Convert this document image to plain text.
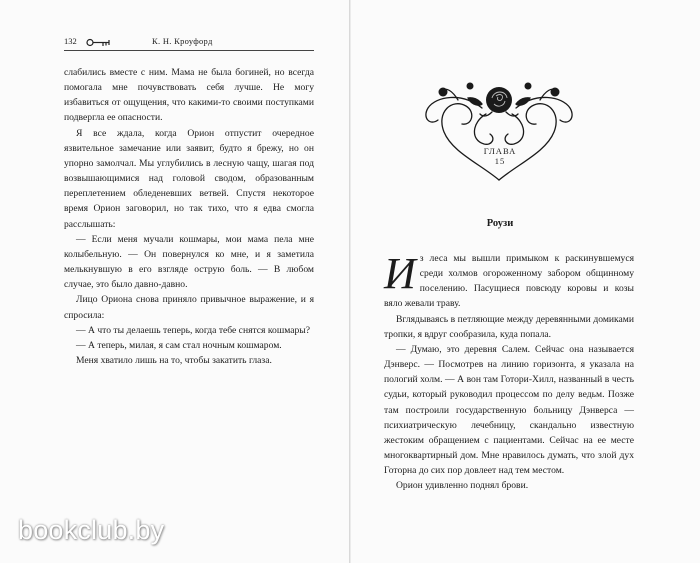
132	К. Н. Кроуфорд

слабились вместе с ним. Мама не была богиней, но всегда помогала мне почувствовать себя лучше. Не могу избавиться от ощущения, что какими-то своими поступками подвергла ее опасности.

Я все ждала, когда Орион отпустит очередное язвительное замечание или заявит, будто я брежу, но он упорно замолчал. Мы углубились в лесную чащу, шагая под возвышающимися над головой сводом, образованным переплетением обледеневших ветвей. Спустя некоторое время Орион заговорил, но так тихо, что я едва смогла расслышать:

— Если меня мучали кошмары, мои мама пела мне колыбельную. — Он повернулся ко мне, и я заметила мелькнувшую в его взгляде острую боль. — В любом случае, это было давно-давно.

Лицо Ориона снова приняло привычное выражение, и я спросила:

— А что ты делаешь теперь, когда тебе снятся кошмары?

— А теперь, милая, я сам стал ночным кошмаром.

Меня хватило лишь на то, чтобы закатить глаза.

Из леса мы вышли примыком к раскинувшемуся среди холмов огороженному забором общинному поселению. Пасущиеся повсюду коровы и козы вяло жевали траву.

Вглядываясь в петляющие между деревянными домиками тропки, я вдруг сообразила, куда попала.

— Думаю, это деревня Салем. Сейчас она называется Дэнверс. — Посмотрев на линию горизонта, я указала на пологий холм. — А вон там Готори-Хилл, названный в честь судьи, который руководил процессом по делу ведьм. Позже там построили государственную больницу Дэнверса — психиатрическую лечебницу, скандально известную жестоким обращением с пациентами. Сейчас на ее месте многоквартирный дом. Мне нравилось думать, что злой дух Готорна до сих пор довлеет над тем местом.

Орион удивленно поднял брови.

ГЛАВА 15
Роузи
bookclub.by
